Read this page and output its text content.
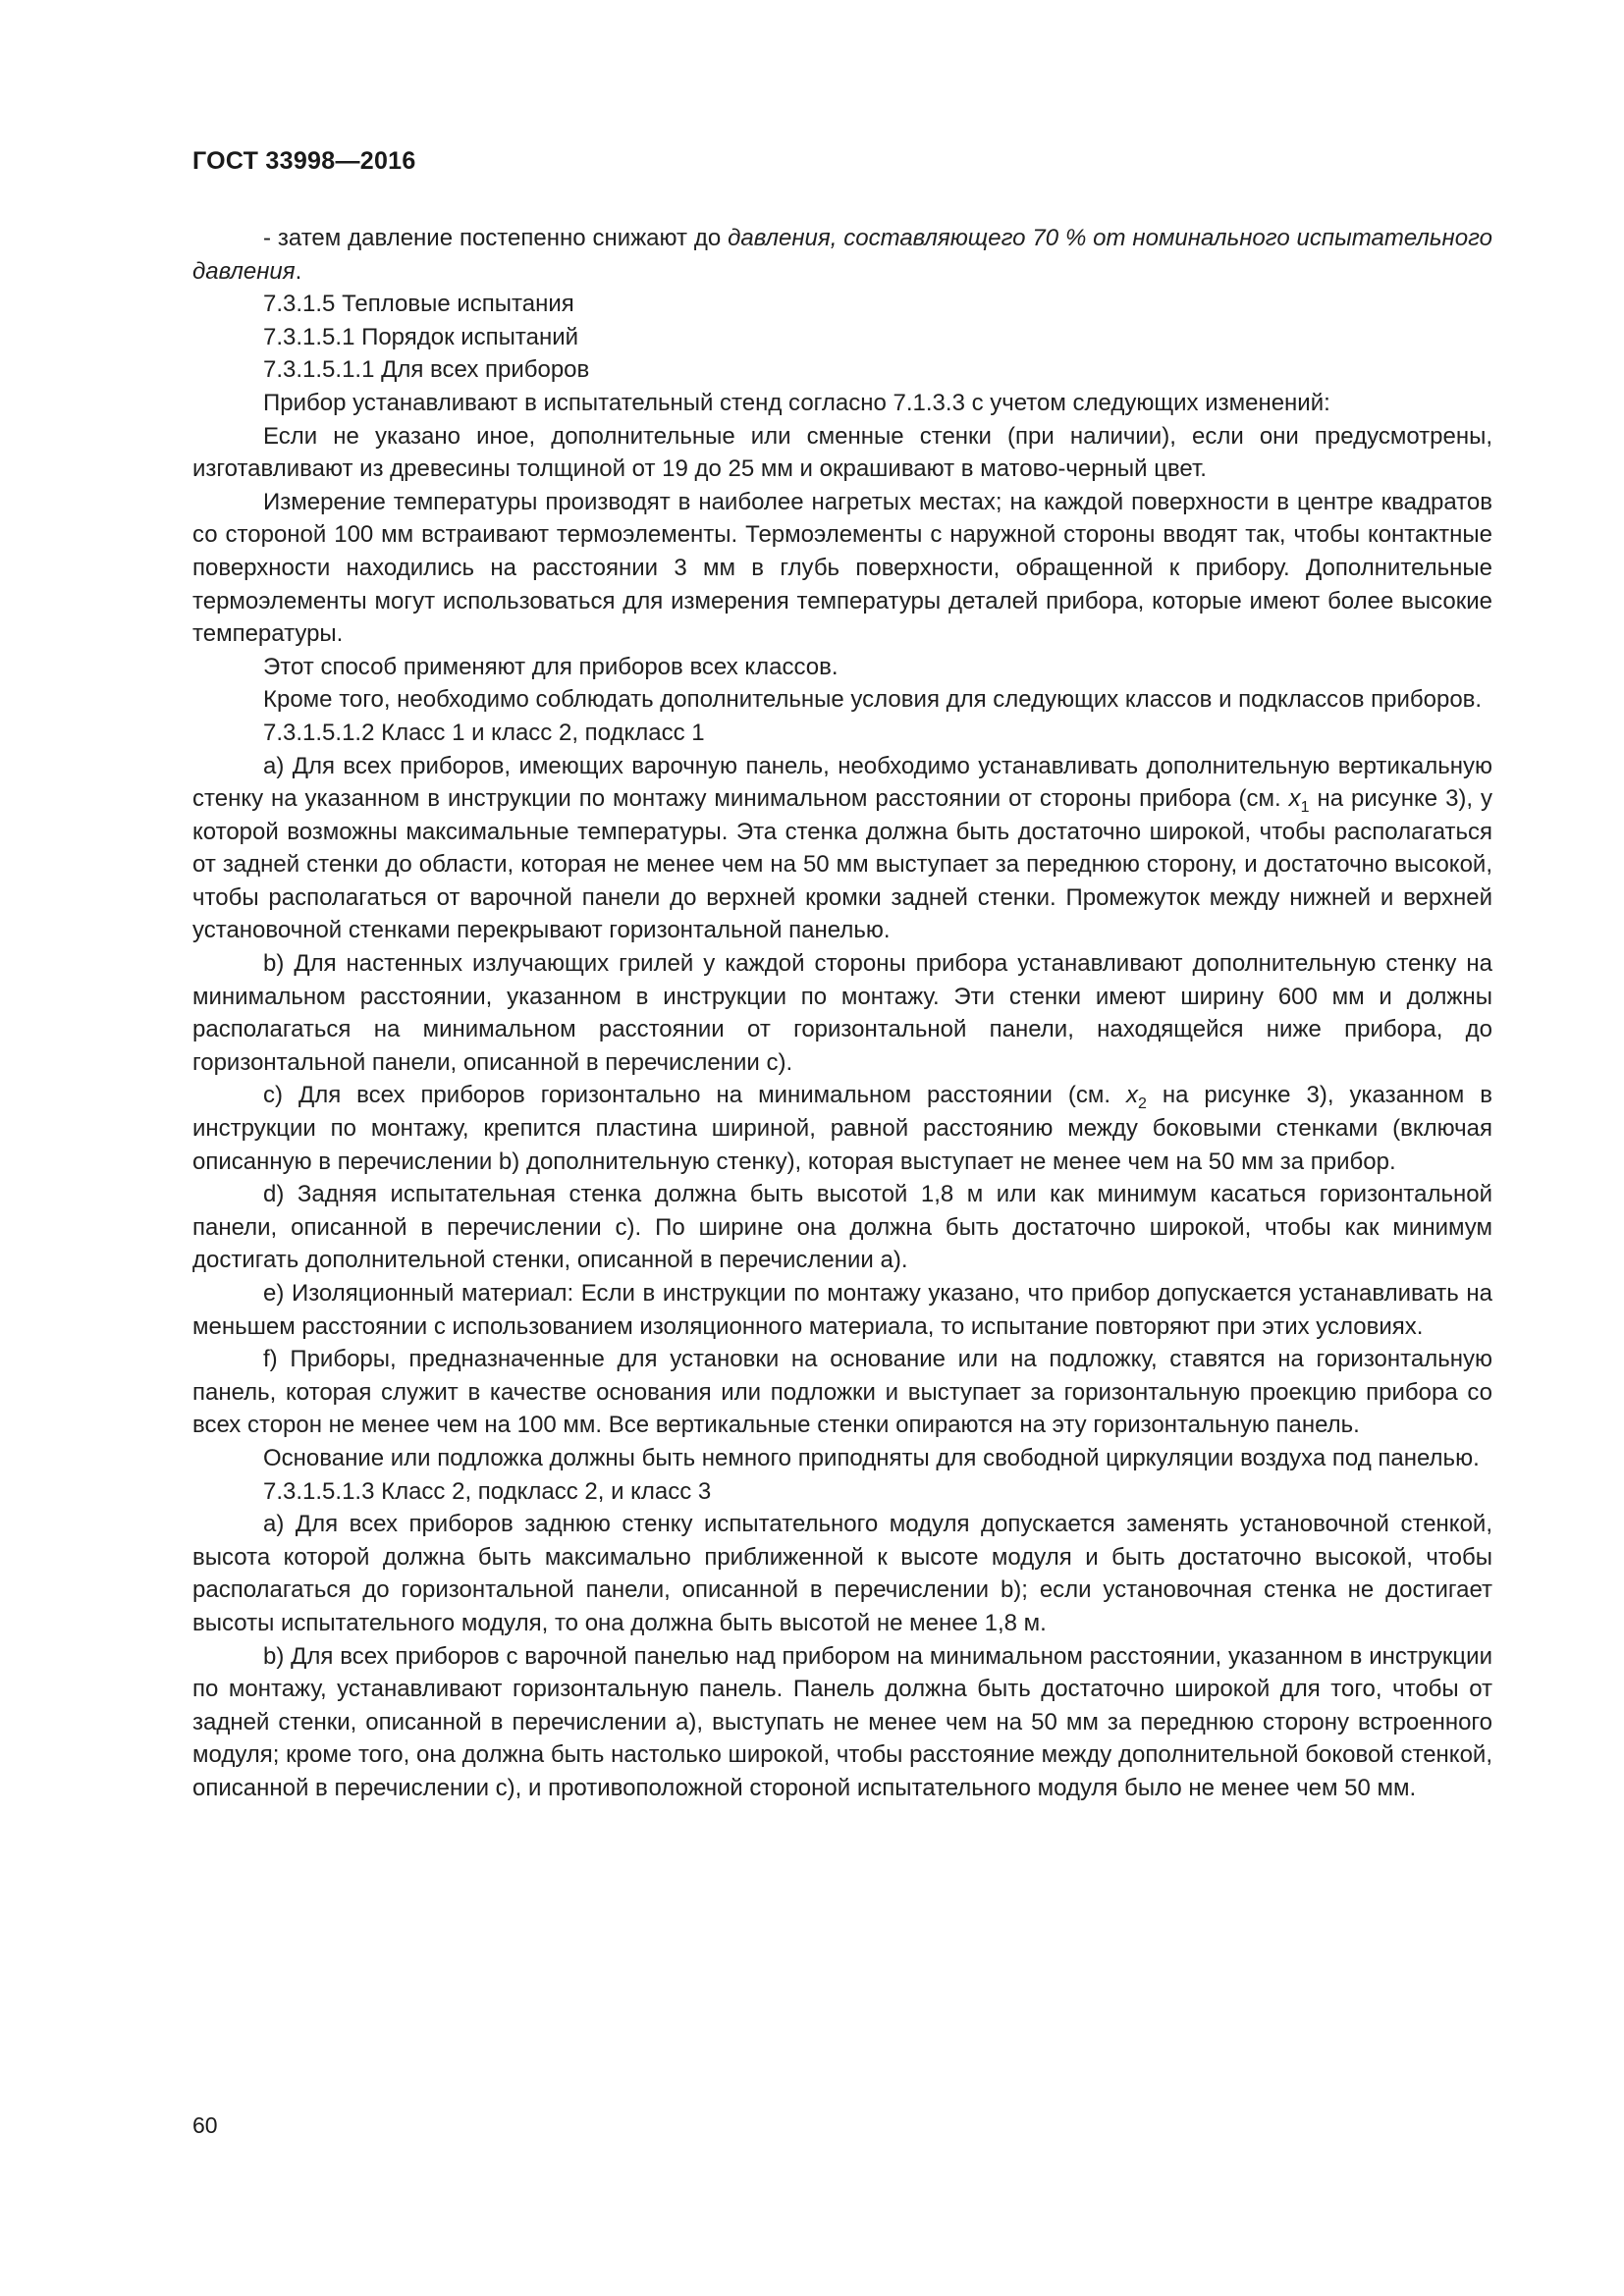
ГОСТ 33998—2016

- затем давление постепенно снижают до давления, составляющего 70 % от номинального испытательного давления.

7.3.1.5 Тепловые испытания

7.3.1.5.1 Порядок испытаний

7.3.1.5.1.1 Для всех приборов

Прибор устанавливают в испытательный стенд согласно 7.1.3.3 с учетом следующих изменений:

Если не указано иное, дополнительные или сменные стенки (при наличии), если они предусмотрены, изготавливают из древесины толщиной от 19 до 25 мм и окрашивают в матово-черный цвет.

Измерение температуры производят в наиболее нагретых местах; на каждой поверхности в центре квадратов со стороной 100 мм встраивают термоэлементы. Термоэлементы с наружной стороны вводят так, чтобы контактные поверхности находились на расстоянии 3 мм в глубь поверхности, обращенной к прибору. Дополнительные термоэлементы могут использоваться для измерения температуры деталей прибора, которые имеют более высокие температуры.

Этот способ применяют для приборов всех классов.

Кроме того, необходимо соблюдать дополнительные условия для следующих классов и подклассов приборов.

7.3.1.5.1.2 Класс 1 и класс 2, подкласс 1

а) Для всех приборов, имеющих варочную панель, необходимо устанавливать дополнительную вертикальную стенку на указанном в инструкции по монтажу минимальном расстоянии от стороны прибора (см. $x_1$ на рисунке 3), у которой возможны максимальные температуры. Эта стенка должна быть достаточно широкой, чтобы располагаться от задней стенки до области, которая не менее чем на 50 мм выступает за переднюю сторону, и достаточно высокой, чтобы располагаться от варочной панели до верхней кромки задней стенки. Промежуток между нижней и верхней установочной стенками перекрывают горизонтальной панелью.

b) Для настенных излучающих грилей у каждой стороны прибора устанавливают дополнительную стенку на минимальном расстоянии, указанном в инструкции по монтажу. Эти стенки имеют ширину 600 мм и должны располагаться на минимальном расстоянии от горизонтальной панели, находящейся ниже прибора, до горизонтальной панели, описанной в перечислении с).

с) Для всех приборов горизонтально на минимальном расстоянии (см. $x_2$ на рисунке 3), указанном в инструкции по монтажу, крепится пластина шириной, равной расстоянию между боковыми стенками (включая описанную в перечислении b) дополнительную стенку), которая выступает не менее чем на 50 мм за прибор.

d) Задняя испытательная стенка должна быть высотой 1,8 м или как минимум касаться горизонтальной панели, описанной в перечислении с). По ширине она должна быть достаточно широкой, чтобы как минимум достигать дополнительной стенки, описанной в перечислении а).

е) Изоляционный материал: Если в инструкции по монтажу указано, что прибор допускается устанавливать на меньшем расстоянии с использованием изоляционного материала, то испытание повторяют при этих условиях.

f) Приборы, предназначенные для установки на основание или на подложку, ставятся на горизонтальную панель, которая служит в качестве основания или подложки и выступает за горизонтальную проекцию прибора со всех сторон не менее чем на 100 мм. Все вертикальные стенки опираются на эту горизонтальную панель.

Основание или подложка должны быть немного приподняты для свободной циркуляции воздуха под панелью.

7.3.1.5.1.3 Класс 2, подкласс 2, и класс 3

а) Для всех приборов заднюю стенку испытательного модуля допускается заменять установочной стенкой, высота которой должна быть максимально приближенной к высоте модуля и быть достаточно высокой, чтобы располагаться до горизонтальной панели, описанной в перечислении b); если установочная стенка не достигает высоты испытательного модуля, то она должна быть высотой не менее 1,8 м.

b) Для всех приборов с варочной панелью над прибором на минимальном расстоянии, указанном в инструкции по монтажу, устанавливают горизонтальную панель. Панель должна быть достаточно широкой для того, чтобы от задней стенки, описанной в перечислении а), выступать не менее чем на 50 мм за переднюю сторону встроенного модуля; кроме того, она должна быть настолько широкой, чтобы расстояние между дополнительной боковой стенкой, описанной в перечислении с), и противоположной стороной испытательного модуля было не менее чем 50 мм.

60
